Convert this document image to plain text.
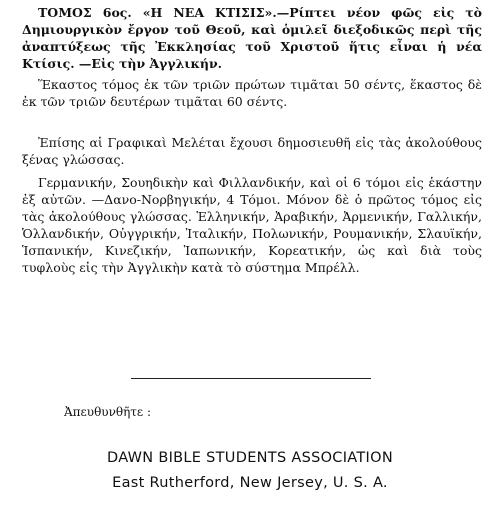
ΤΟΜΟΣ 6ος. «Η ΝΕΑ ΚΤΙΣΙΣ».—Ρίπτει νέον φῶς εἰς τὸ Δημιουργικὸν ἔργον τοῦ Θεοῦ, καὶ ὁμιλεῖ διεξοδικῶς περὶ τῆς ἀναπτύξεως τῆς Ἐκκλησίας τοῦ Χριστοῦ ἥτις εἶναι ἡ νέα Κτίσις. —Εἰς τὴν Ἀγγλικήν.

Ἕκαστος τόμος ἐκ τῶν τριῶν πρώτων τιμᾶται 50 σέντς, ἕκαστος δὲ ἐκ τῶν τριῶν δευτέρων τιμᾶται 60 σέντς.

Ἐπίσης αἱ Γραφικαὶ Μελέται ἔχουσι δημοσιευθῆ εἰς τὰς ἀκολούθους ξένας γλώσσας.

Γερμανικήν, Σουηδικὴν καὶ Φιλλανδικήν, καὶ οἱ 6 τόμοι εἰς ἑκάστην ἐξ αὐτῶν. —Δανο-Νορβηγικήν, 4 Τόμοι. Μόνον δὲ ὁ πρῶτος τόμος εἰς τὰς ἀκολούθους γλώσσας. Ἑλληνικήν, Ἀραβικήν, Ἀρμενικήν, Γαλλικήν, Ὁλλανδικήν, Οὐγγρικήν, Ἰταλικήν, Πολωνικήν, Ρουμανικήν, Σλαυϊκήν, Ἱσπανικήν, Κινεζικήν, Ἰαπωνικήν, Κορεατικήν, ὡς καὶ διὰ τοὺς τυφλοὺς εἰς τὴν Ἀγγλικὴν κατὰ τὸ σύστημα Μπρέλλ.

Ἀπευθυνθῆτε :

DAWN BIBLE STUDENTS ASSOCIATION

East Rutherford, New Jersey, U. S. A.
